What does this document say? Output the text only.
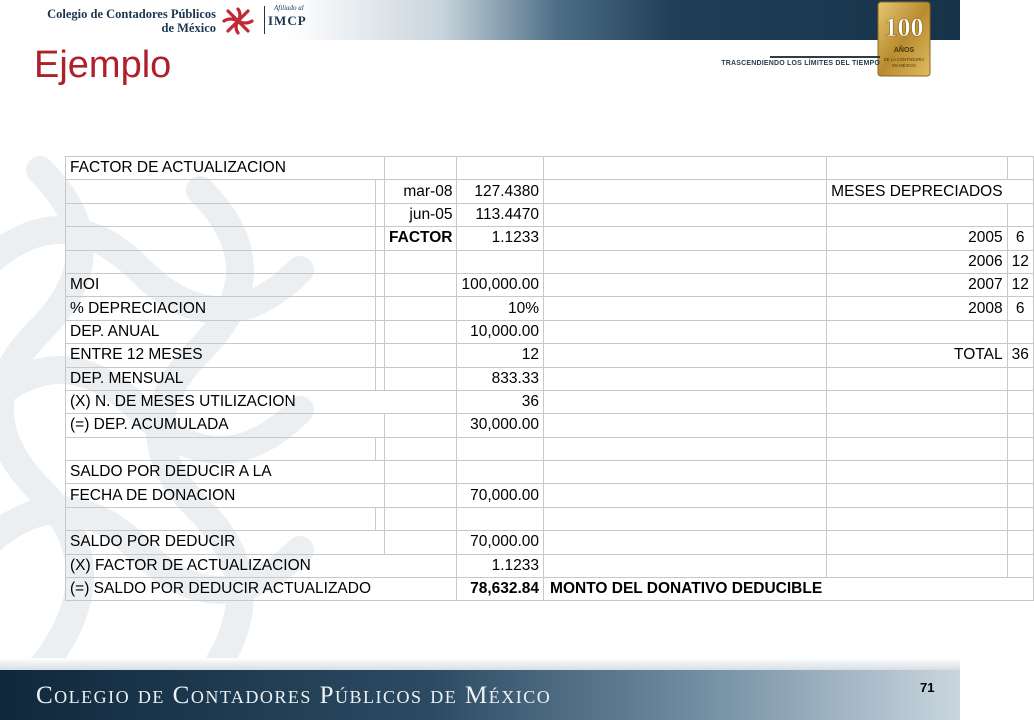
Colegio de Contadores Públicos
de México
Afiliado al
IMCP	100
AÑOS
DE LA CONTADURÍA
EN MÉXICO
TRASCENDIENDO LOS LÍMITES DEL TIEMPO
Ejemplo
FACTOR DE ACTUALIZACION						
		mar-08	127.4380		MESES DEPRECIADOS	
		jun-05	113.4470			
		FACTOR	1.1233		2005	6
					2006	12
MOI			100,000.00		2007	12
% DEPRECIACION			10%		2008	6
DEP. ANUAL			10,000.00			
ENTRE 12 MESES			12		TOTAL	36
DEP. MENSUAL			833.33			
(X) N. DE MESES UTILIZACION			36			
(=) DEP. ACUMULADA			30,000.00			

SALDO POR DEDUCIR A LA						
FECHA DE DONACION			70,000.00			

SALDO POR DEDUCIR			70,000.00			
(X) FACTOR DE ACTUALIZACION			1.1233			
(=) SALDO POR DEDUCIR ACTUALIZADO			78,632.84	MONTO DEL DONATIVO DEDUCIBLE		
Colegio de Contadores Públicos de México	71
